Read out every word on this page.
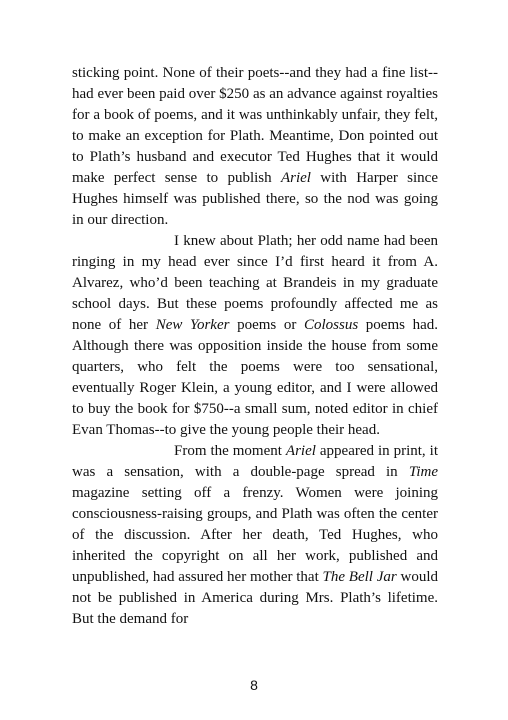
sticking point. None of their poets--and they had a fine list--had ever been paid over $250 as an advance against royalties for a book of poems, and it was unthinkably unfair, they felt, to make an exception for Plath. Meantime, Don pointed out to Plath’s husband and executor Ted Hughes that it would make perfect sense to publish Ariel with Harper since Hughes himself was published there, so the nod was going in our direction.

I knew about Plath; her odd name had been ringing in my head ever since I’d first heard it from A. Alvarez, who’d been teaching at Brandeis in my graduate school days. But these poems profoundly affected me as none of her New Yorker poems or Colossus poems had. Although there was opposition inside the house from some quarters, who felt the poems were too sensational, eventually Roger Klein, a young editor, and I were allowed to buy the book for $750--a small sum, noted editor in chief Evan Thomas--to give the young people their head.

From the moment Ariel appeared in print, it was a sensation, with a double-page spread in Time magazine setting off a frenzy. Women were joining consciousness-raising groups, and Plath was often the center of the discussion. After her death, Ted Hughes, who inherited the copyright on all her work, published and unpublished, had assured her mother that The Bell Jar would not be published in America during Mrs. Plath’s lifetime. But the demand for

8
